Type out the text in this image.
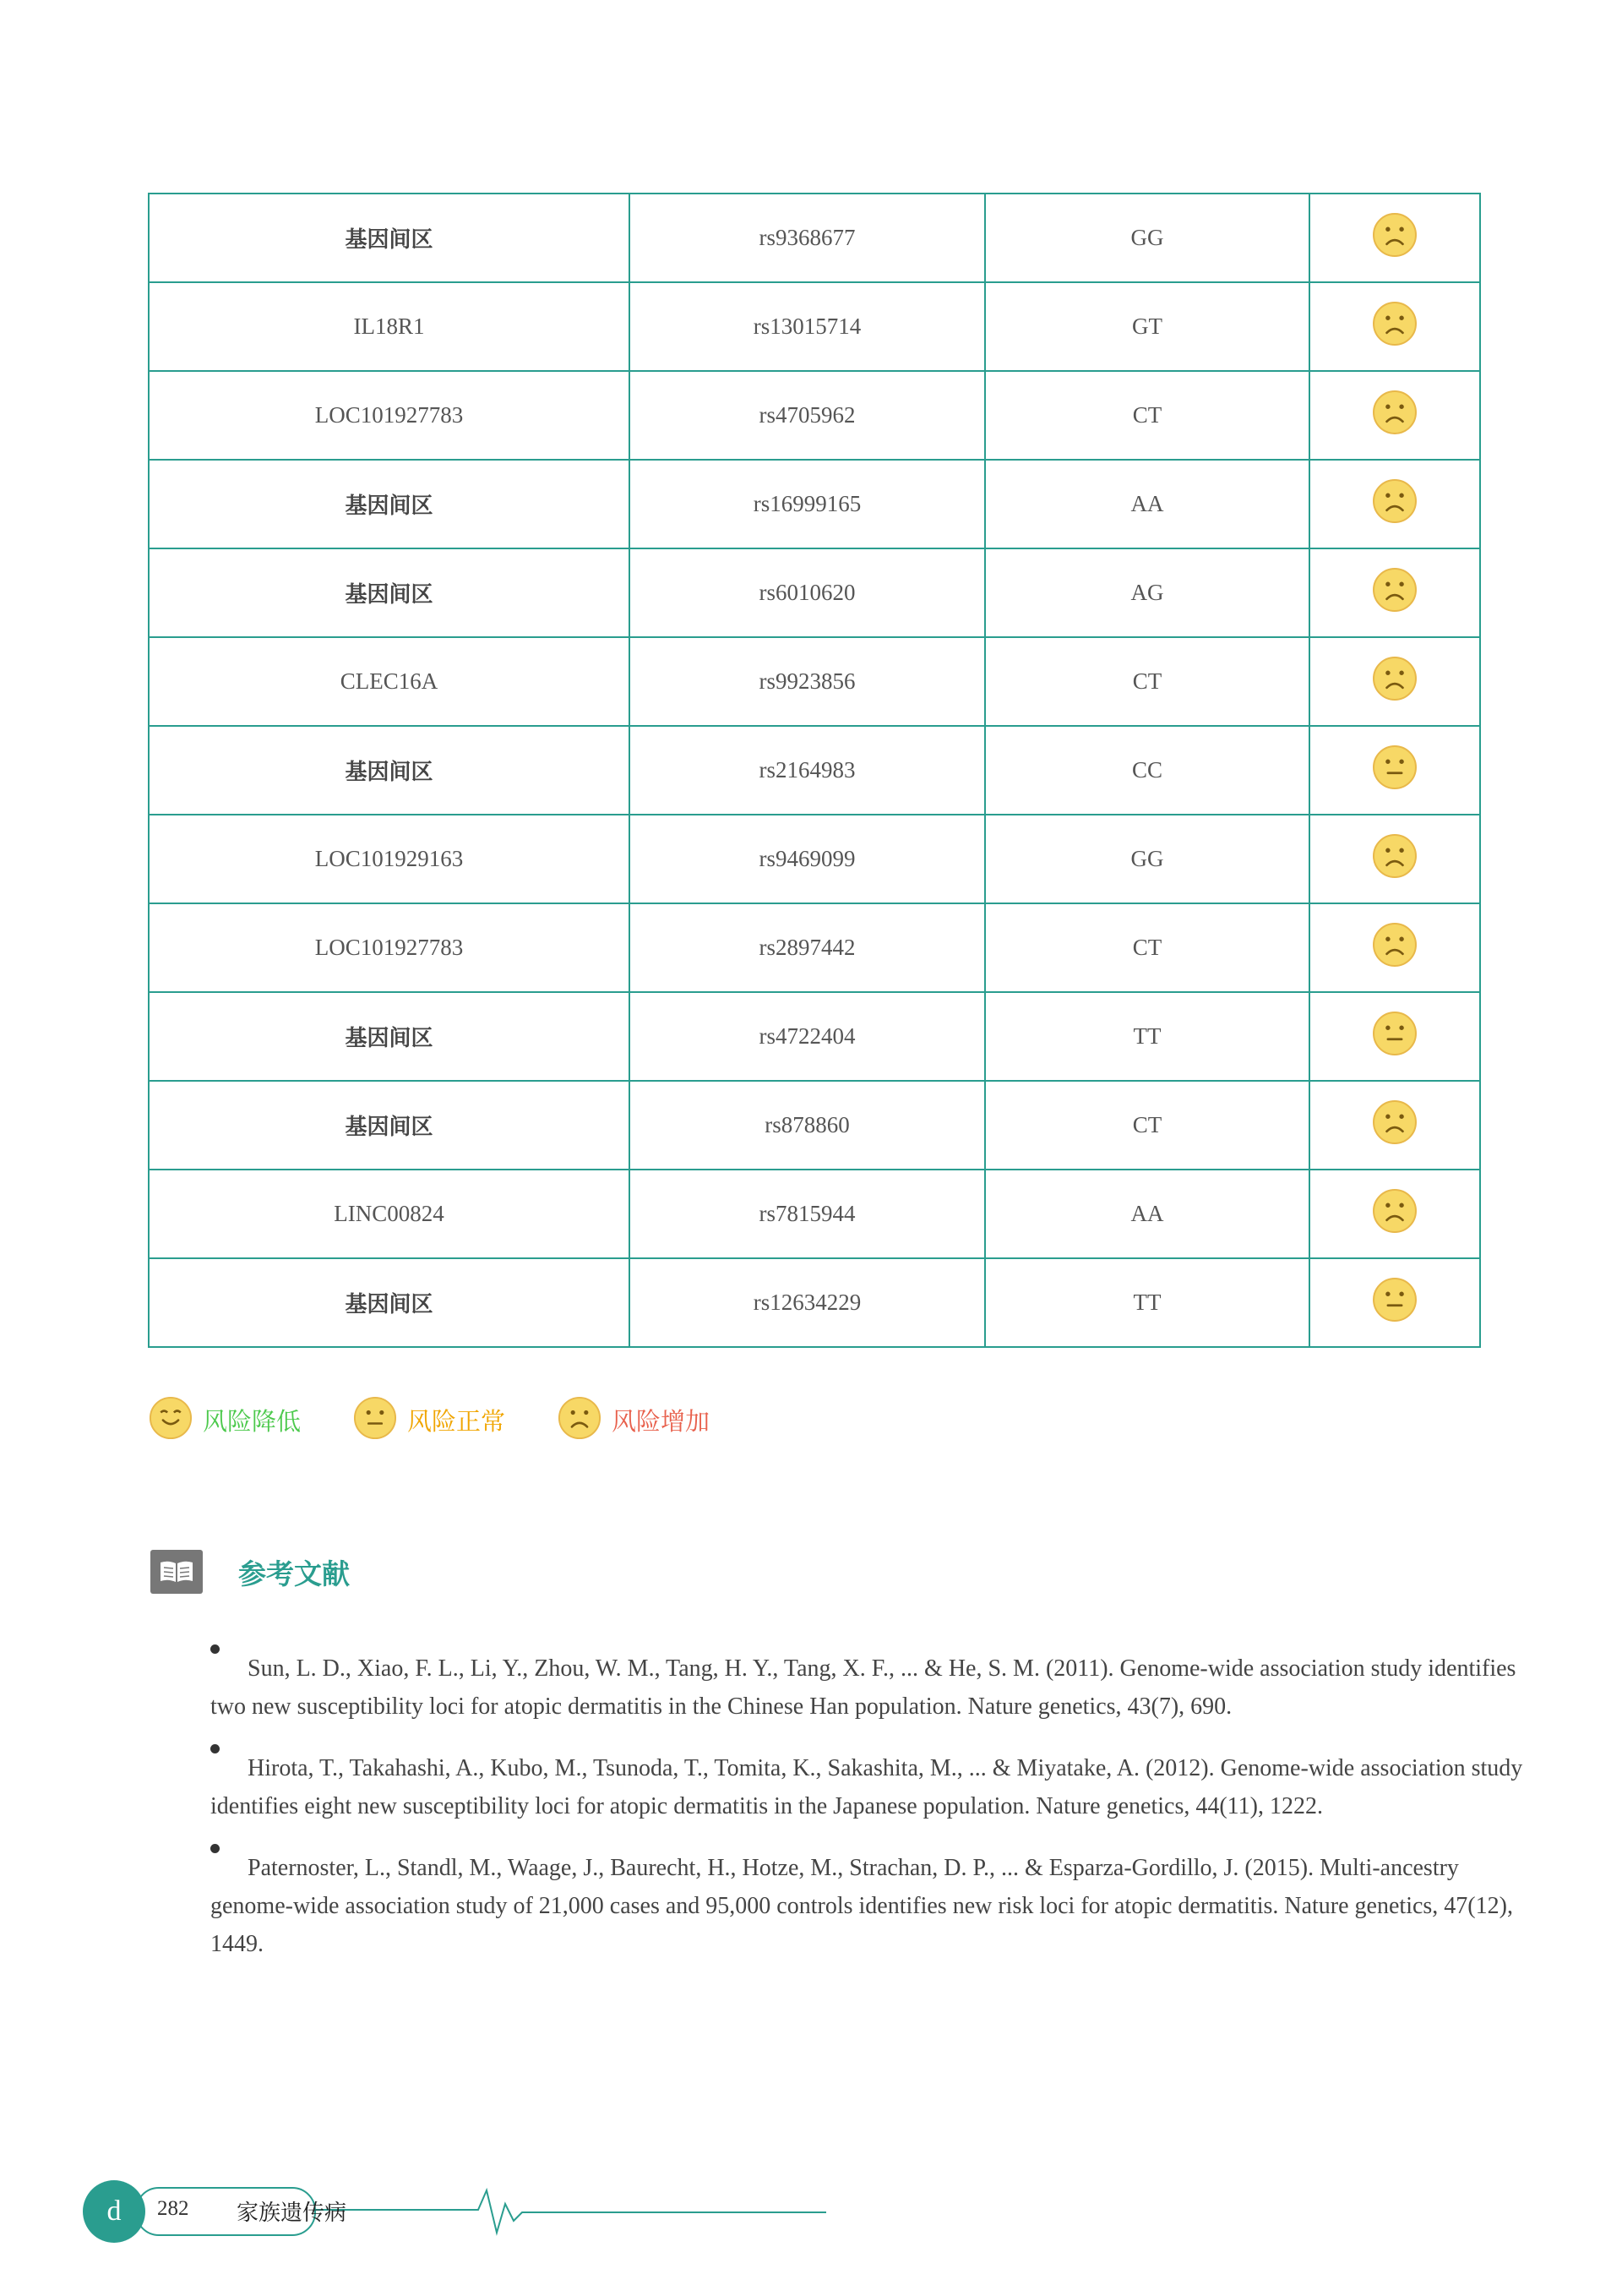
基因间区	rs9368677	GG	
IL18R1	rs13015714	GT	
LOC101927783	rs4705962	CT	
基因间区	rs16999165	AA	
基因间区	rs6010620	AG	
CLEC16A	rs9923856	CT	
基因间区	rs2164983	CC	
LOC101929163	rs9469099	GG	
LOC101927783	rs2897442	CT	
基因间区	rs4722404	TT	
基因间区	rs878860	CT	
LINC00824	rs7815944	AA	
基因间区	rs12634229	TT	
风险降低	风险正常	风险增加
参考文献

Sun, L. D., Xiao, F. L., Li, Y., Zhou, W. M., Tang, H. Y., Tang, X. F., ... & He, S. M. (2011). Genome-wide association study identifies two new susceptibility loci for atopic dermatitis in the Chinese Han population. Nature genetics, 43(7), 690.

Hirota, T., Takahashi, A., Kubo, M., Tsunoda, T., Tomita, K., Sakashita, M., ... & Miyatake, A. (2012). Genome-wide association study identifies eight new susceptibility loci for atopic dermatitis in the Japanese population. Nature genetics, 44(11), 1222.

Paternoster, L., Standl, M., Waage, J., Baurecht, H., Hotze, M., Strachan, D. P., ... & Esparza-Gordillo, J. (2015). Multi-ancestry genome-wide association study of 21,000 cases and 95,000 controls identifies new risk loci for atopic dermatitis. Nature genetics, 47(12), 1449.

d	282 家族遗传病
